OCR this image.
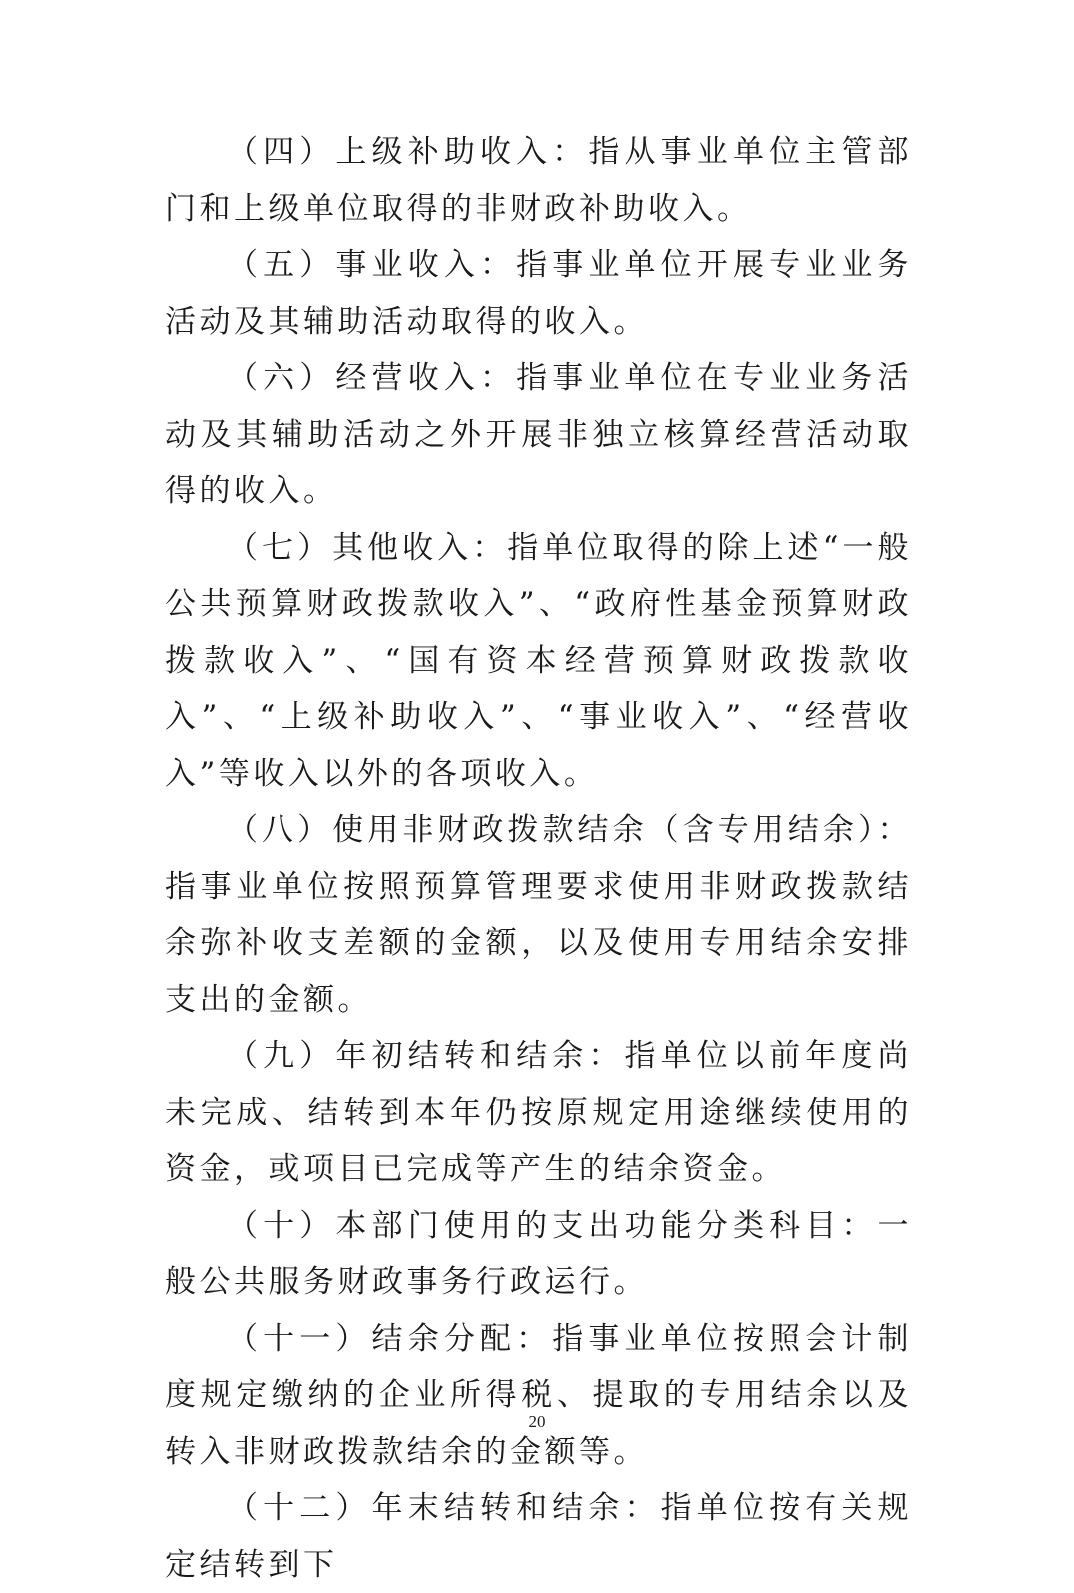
（四）上级补助收入：指从事业单位主管部门和上级单位取得的非财政补助收入。

（五）事业收入：指事业单位开展专业业务活动及其辅助活动取得的收入。

（六）经营收入：指事业单位在专业业务活动及其辅助活动之外开展非独立核算经营活动取得的收入。

（七）其他收入：指单位取得的除上述“一般公共预算财政拨款收入”、“政府性基金预算财政拨款收入”、“国有资本经营预算财政拨款收入”、“上级补助收入”、“事业收入”、“经营收入”等收入以外的各项收入。

（八）使用非财政拨款结余（含专用结余）：指事业单位按照预算管理要求使用非财政拨款结余弥补收支差额的金额，以及使用专用结余安排支出的金额。

（九）年初结转和结余：指单位以前年度尚未完成、结转到本年仍按原规定用途继续使用的资金，或项目已完成等产生的结余资金。

（十）本部门使用的支出功能分类科目：一般公共服务财政事务行政运行。

（十一）结余分配：指事业单位按照会计制度规定缴纳的企业所得税、提取的专用结余以及转入非财政拨款结余的金额等。

（十二）年末结转和结余：指单位按有关规定结转到下

20
